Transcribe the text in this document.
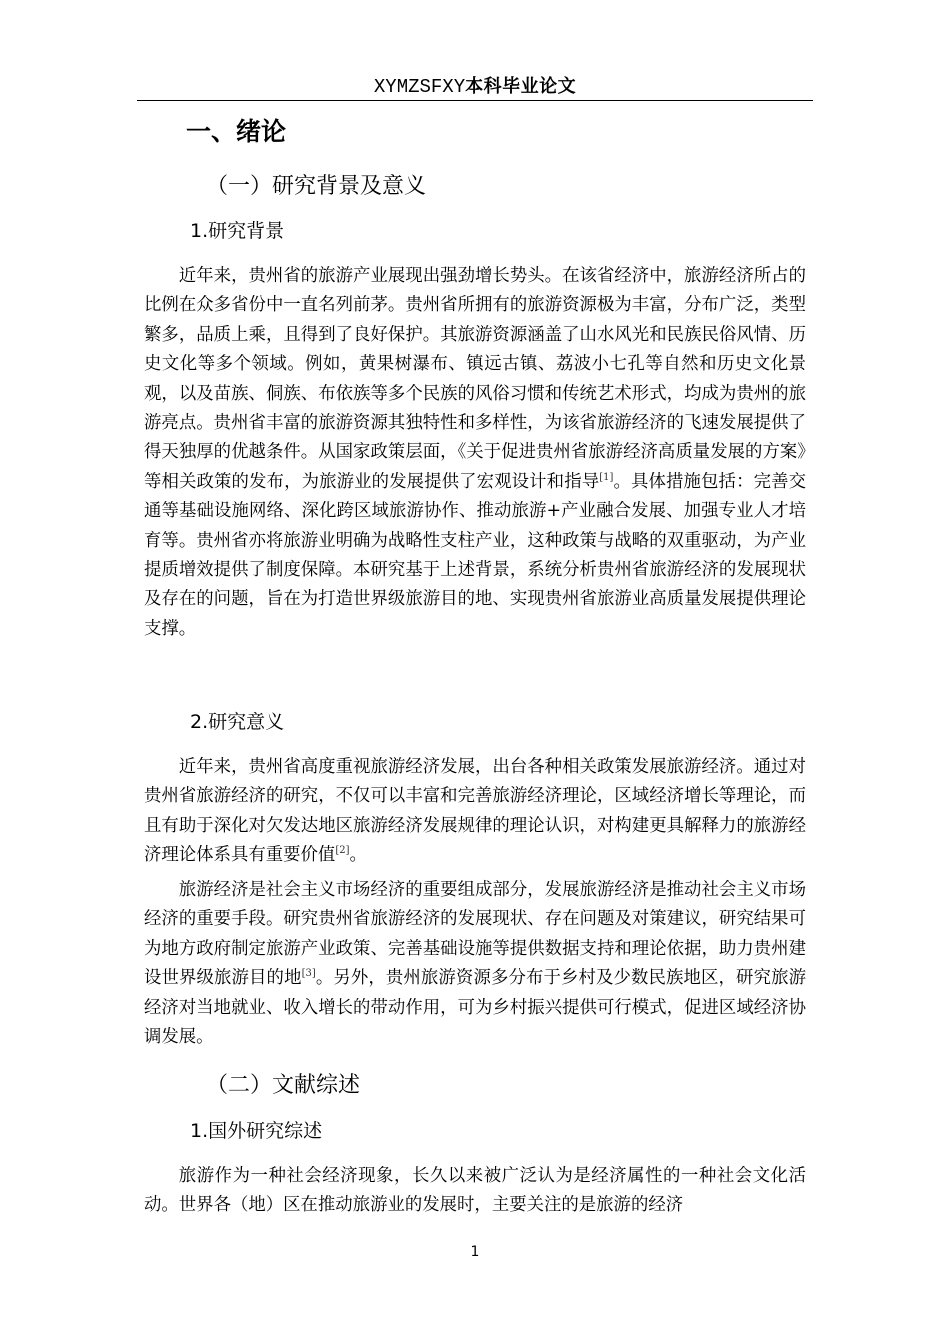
XYMZSFXY本科毕业论文
一、绪论
（一）研究背景及意义
1.研究背景
近年来，贵州省的旅游产业展现出强劲增长势头。在该省经济中，旅游经济所占的比例在众多省份中一直名列前茅。贵州省所拥有的旅游资源极为丰富，分布广泛，类型繁多，品质上乘，且得到了良好保护。其旅游资源涵盖了山水风光和民族民俗风情、历史文化等多个领域。例如，黄果树瀑布、镇远古镇、荔波小七孔等自然和历史文化景观，以及苗族、侗族、布依族等多个民族的风俗习惯和传统艺术形式，均成为贵州的旅游亮点。贵州省丰富的旅游资源其独特性和多样性，为该省旅游经济的飞速发展提供了得天独厚的优越条件。从国家政策层面，《关于促进贵州省旅游经济高质量发展的方案》等相关政策的发布，为旅游业的发展提供了宏观设计和指导[1]。具体措施包括：完善交通等基础设施网络、深化跨区域旅游协作、推动旅游+产业融合发展、加强专业人才培育等。贵州省亦将旅游业明确为战略性支柱产业，这种政策与战略的双重驱动，为产业提质增效提供了制度保障。本研究基于上述背景，系统分析贵州省旅游经济的发展现状及存在的问题，旨在为打造世界级旅游目的地、实现贵州省旅游业高质量发展提供理论支撑。
2.研究意义
近年来，贵州省高度重视旅游经济发展，出台各种相关政策发展旅游经济。通过对贵州省旅游经济的研究，不仅可以丰富和完善旅游经济理论，区域经济增长等理论，而且有助于深化对欠发达地区旅游经济发展规律的理论认识，对构建更具解释力的旅游经济理论体系具有重要价值[2]。
旅游经济是社会主义市场经济的重要组成部分，发展旅游经济是推动社会主义市场经济的重要手段。研究贵州省旅游经济的发展现状、存在问题及对策建议，研究结果可为地方政府制定旅游产业政策、完善基础设施等提供数据支持和理论依据，助力贵州建设世界级旅游目的地[3]。另外，贵州旅游资源多分布于乡村及少数民族地区，研究旅游经济对当地就业、收入增长的带动作用，可为乡村振兴提供可行模式，促进区域经济协调发展。
（二）文献综述
1.国外研究综述
旅游作为一种社会经济现象，长久以来被广泛认为是经济属性的一种社会文化活动。世界各（地）区在推动旅游业的发展时，主要关注的是旅游的经济
1
